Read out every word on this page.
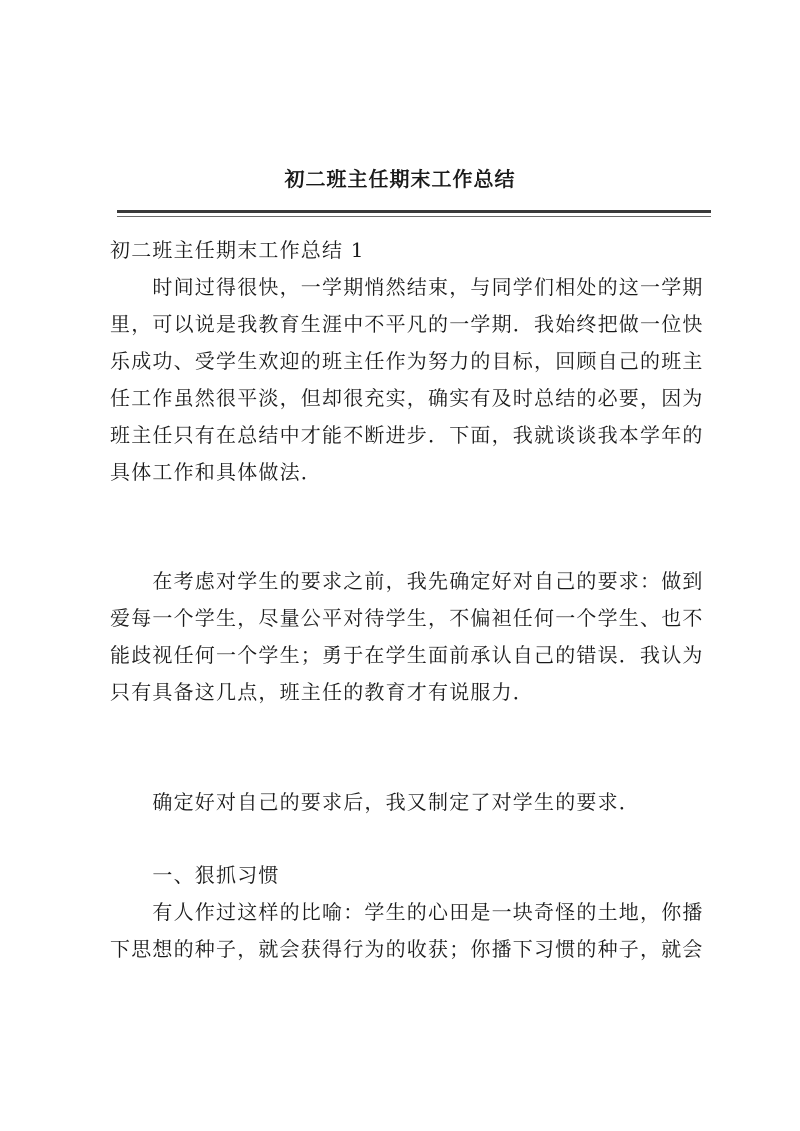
初二班主任期末工作总结
初二班主任期末工作总结 1
　　时间过得很快，一学期悄然结束，与同学们相处的这一学期
里，可以说是我教育生涯中不平凡的一学期．我始终把做一位快
乐成功、受学生欢迎的班主任作为努力的目标，回顾自己的班主
任工作虽然很平淡，但却很充实，确实有及时总结的必要，因为
班主任只有在总结中才能不断进步．下面，我就谈谈我本学年的
具体工作和具体做法．
　　在考虑对学生的要求之前，我先确定好对自己的要求：做到
爱每一个学生，尽量公平对待学生，不偏袒任何一个学生、也不
能歧视任何一个学生；勇于在学生面前承认自己的错误．我认为
只有具备这几点，班主任的教育才有说服力．
　　确定好对自己的要求后，我又制定了对学生的要求．
　　一、狠抓习惯
　　有人作过这样的比喻：学生的心田是一块奇怪的土地，你播
下思想的种子，就会获得行为的收获；你播下习惯的种子，就会
